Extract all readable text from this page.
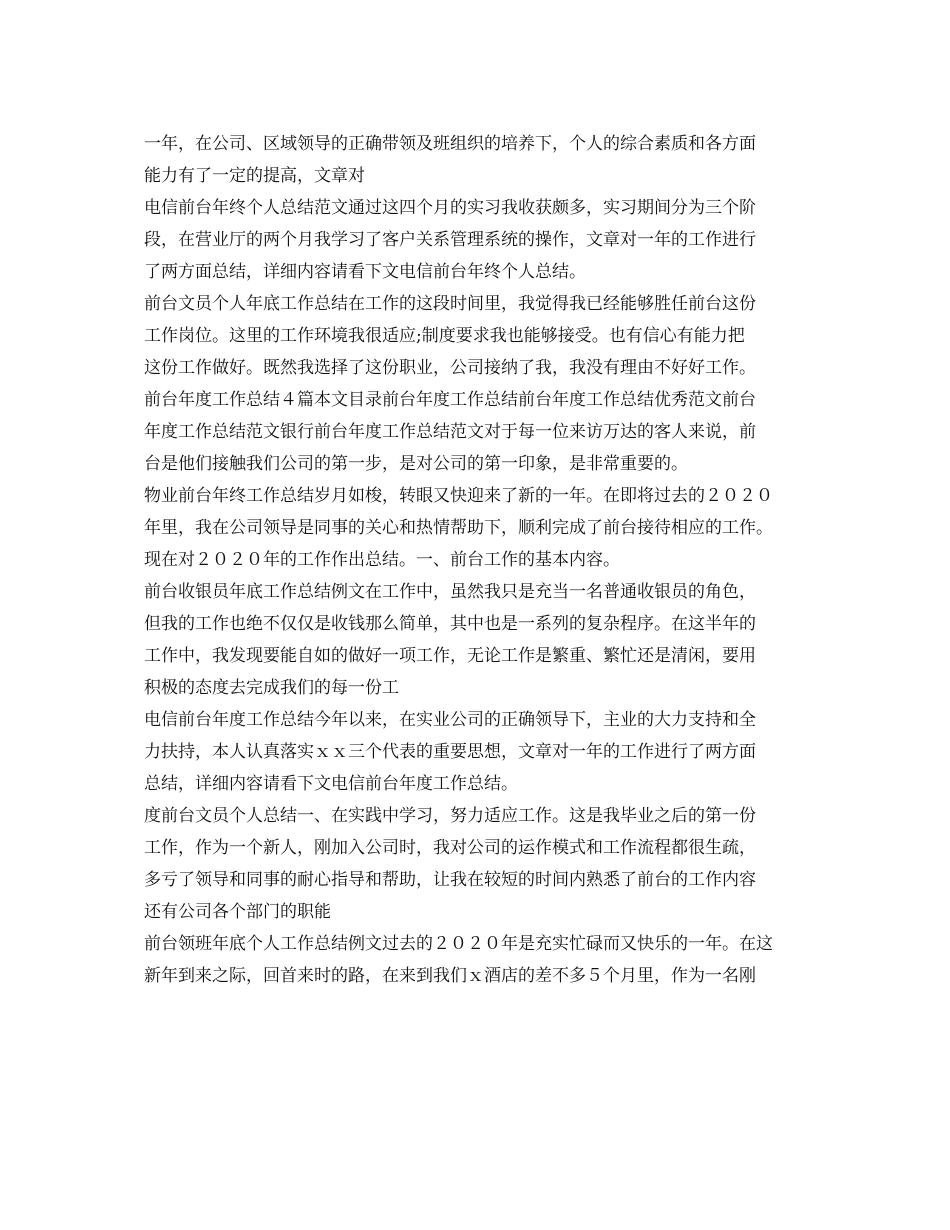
一年，在公司、区域领导的正确带领及班组织的培养下，个人的综合素质和各方面
能力有了一定的提高，文章对
电信前台年终个人总结范文通过这四个月的实习我收获颇多，实习期间分为三个阶
段，在营业厅的两个月我学习了客户关系管理系统的操作，文章对一年的工作进行
了两方面总结，详细内容请看下文电信前台年终个人总结。
前台文员个人年底工作总结在工作的这段时间里，我觉得我已经能够胜任前台这份
工作岗位。这里的工作环境我很适应;制度要求我也能够接受。也有信心有能力把
这份工作做好。既然我选择了这份职业，公司接纳了我，我没有理由不好好工作。
前台年度工作总结４篇本文目录前台年度工作总结前台年度工作总结优秀范文前台
年度工作总结范文银行前台年度工作总结范文对于每一位来访万达的客人来说，前
台是他们接触我们公司的第一步，是对公司的第一印象，是非常重要的。
物业前台年终工作总结岁月如梭，转眼又快迎来了新的一年。在即将过去的２０２０
年里，我在公司领导是同事的关心和热情帮助下，顺利完成了前台接待相应的工作。
现在对２０２０年的工作作出总结。一、前台工作的基本内容。
前台收银员年底工作总结例文在工作中，虽然我只是充当一名普通收银员的角色，
但我的工作也绝不仅仅是收钱那么简单，其中也是一系列的复杂程序。在这半年的
工作中，我发现要能自如的做好一项工作，无论工作是繁重、繁忙还是清闲，要用
积极的态度去完成我们的每一份工
电信前台年度工作总结今年以来，在实业公司的正确领导下，主业的大力支持和全
力扶持，本人认真落实ｘｘ三个代表的重要思想，文章对一年的工作进行了两方面
总结，详细内容请看下文电信前台年度工作总结。
度前台文员个人总结一、在实践中学习，努力适应工作。这是我毕业之后的第一份
工作，作为一个新人，刚加入公司时，我对公司的运作模式和工作流程都很生疏，
多亏了领导和同事的耐心指导和帮助，让我在较短的时间内熟悉了前台的工作内容
还有公司各个部门的职能
前台领班年底个人工作总结例文过去的２０２０年是充实忙碌而又快乐的一年。在这
新年到来之际，回首来时的路，在来到我们ｘ酒店的差不多５个月里，作为一名刚
